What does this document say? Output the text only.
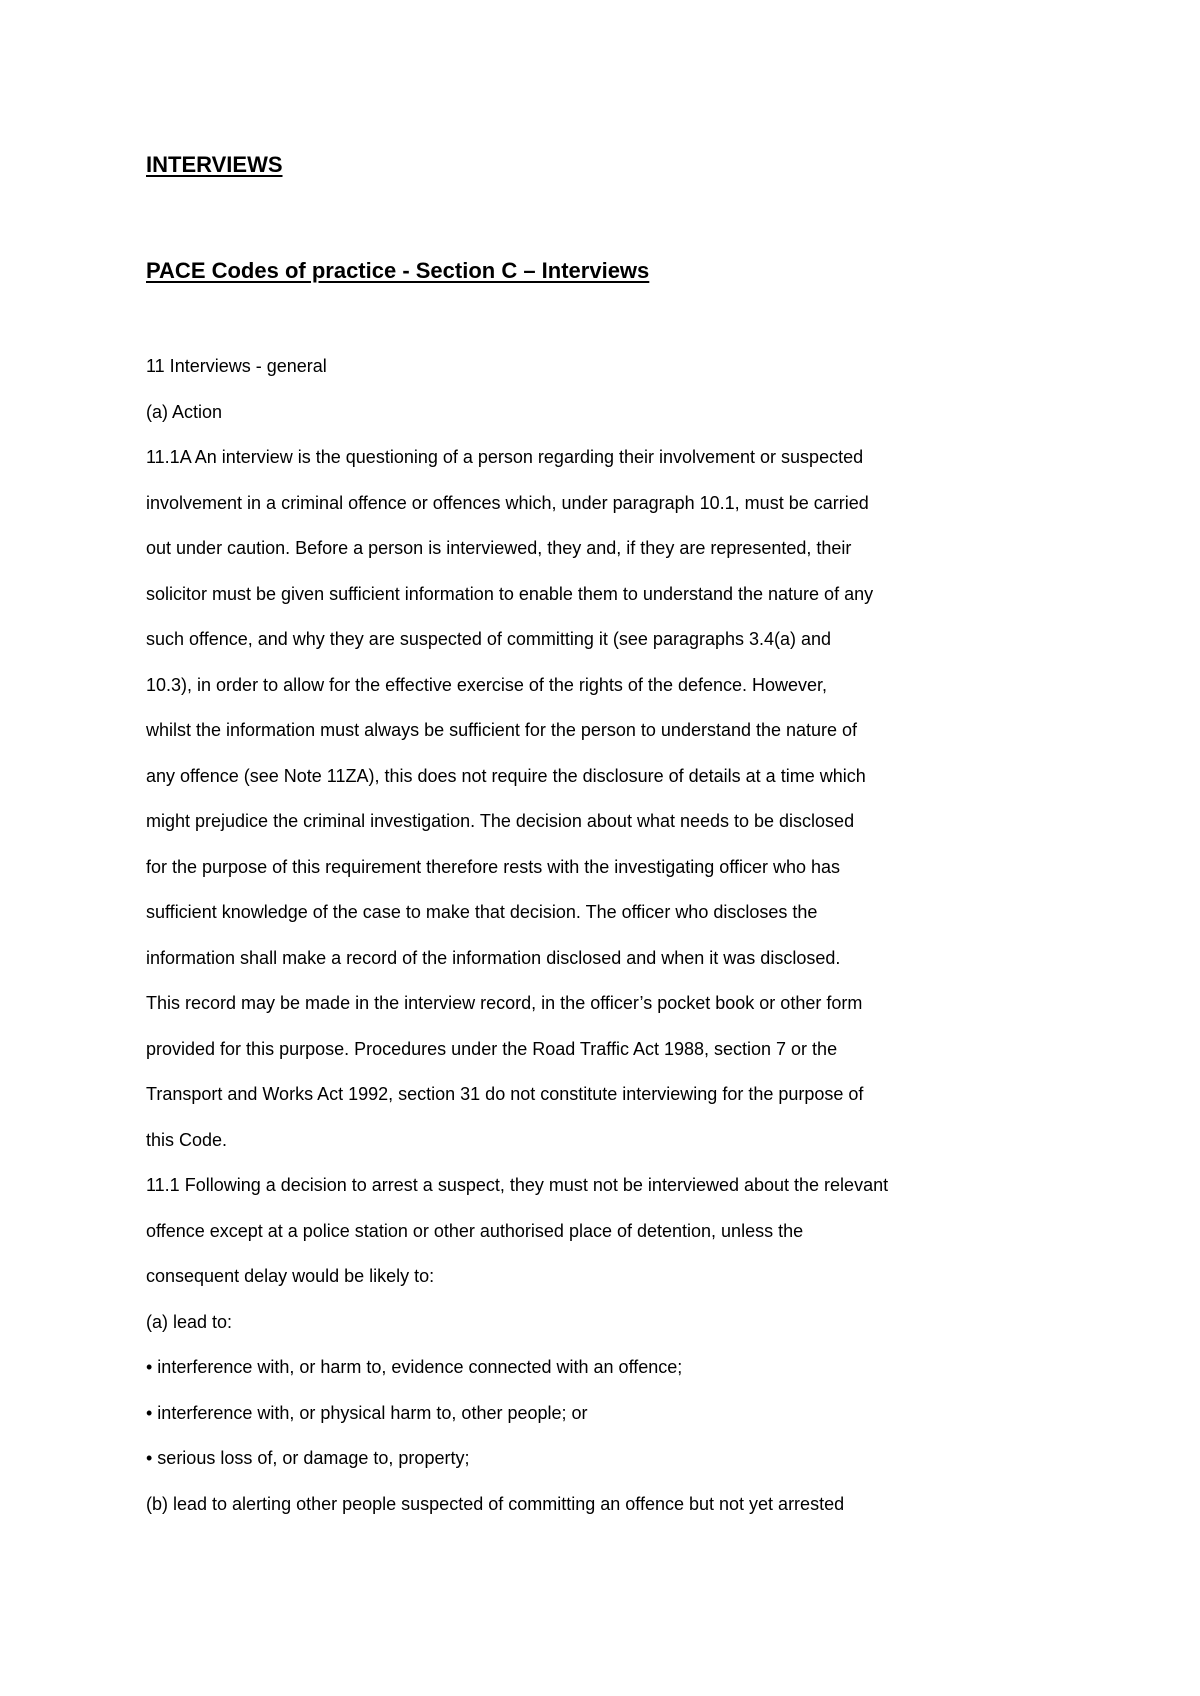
INTERVIEWS
PACE Codes of practice - Section C – Interviews
11 Interviews - general
(a) Action
11.1A An interview is the questioning of a person regarding their involvement or suspected
involvement in a criminal offence or offences which, under paragraph 10.1, must be carried
out under caution. Before a person is interviewed, they and, if they are represented, their
solicitor must be given sufficient information to enable them to understand the nature of any
such offence, and why they are suspected of committing it (see paragraphs 3.4(a) and
10.3), in order to allow for the effective exercise of the rights of the defence. However,
whilst the information must always be sufficient for the person to understand the nature of
any offence (see Note 11ZA), this does not require the disclosure of details at a time which
might prejudice the criminal investigation. The decision about what needs to be disclosed
for the purpose of this requirement therefore rests with the investigating officer who has
sufficient knowledge of the case to make that decision. The officer who discloses the
information shall make a record of the information disclosed and when it was disclosed.
This record may be made in the interview record, in the officer’s pocket book or other form
provided for this purpose. Procedures under the Road Traffic Act 1988, section 7 or the
Transport and Works Act 1992, section 31 do not constitute interviewing for the purpose of
this Code.
11.1 Following a decision to arrest a suspect, they must not be interviewed about the relevant
offence except at a police station or other authorised place of detention, unless the
consequent delay would be likely to:
(a) lead to:
• interference with, or harm to, evidence connected with an offence;
• interference with, or physical harm to, other people; or
• serious loss of, or damage to, property;
(b) lead to alerting other people suspected of committing an offence but not yet arrested
